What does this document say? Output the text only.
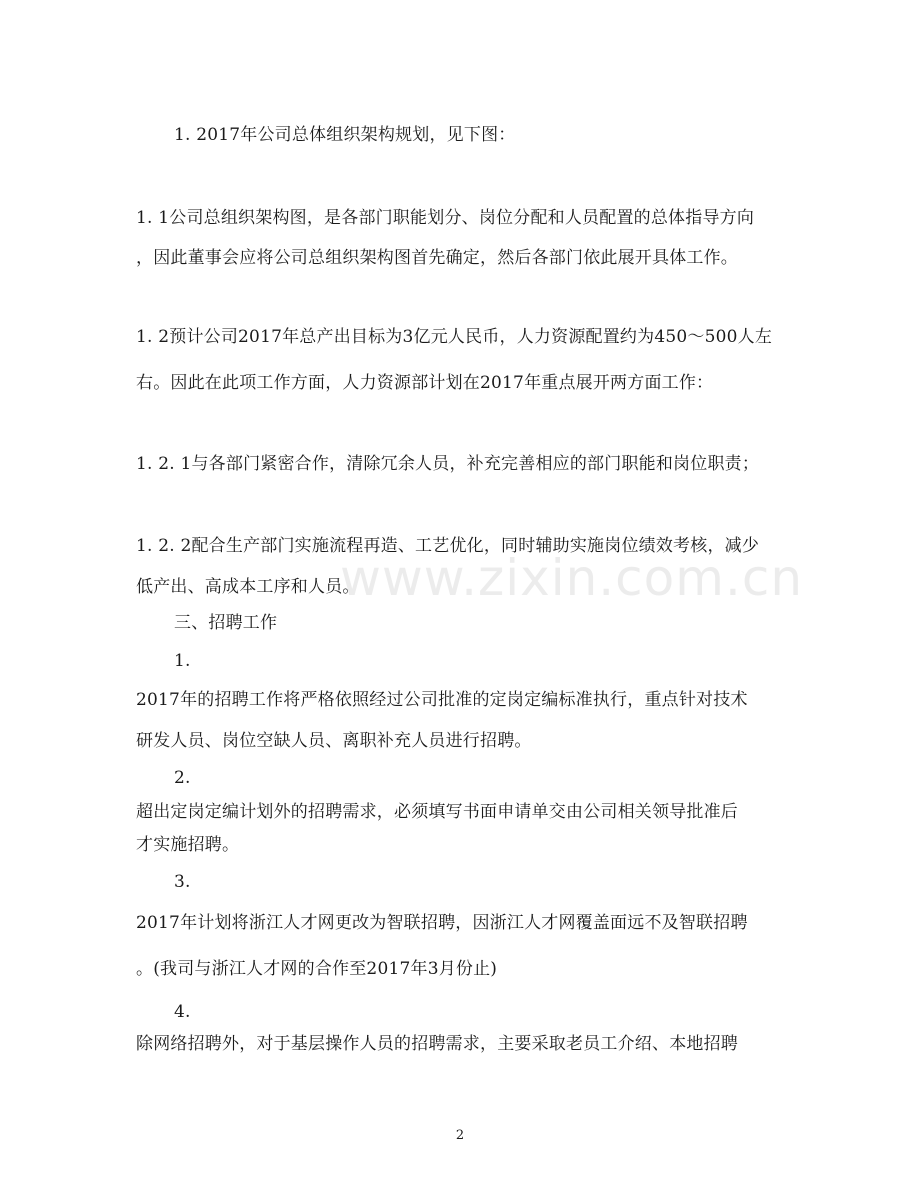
www.zixin.com.cn
1. 2017年公司总体组织架构规划，见下图：
1. 1公司总组织架构图，是各部门职能划分、岗位分配和人员配置的总体指导方向
，因此董事会应将公司总组织架构图首先确定，然后各部门依此展开具体工作。
1. 2预计公司2017年总产出目标为3亿元人民币，人力资源配置约为450～500人左
右。因此在此项工作方面，人力资源部计划在2017年重点展开两方面工作：
1. 2. 1与各部门紧密合作，清除冗余人员，补充完善相应的部门职能和岗位职责；
1. 2. 2配合生产部门实施流程再造、工艺优化，同时辅助实施岗位绩效考核，减少
低产出、高成本工序和人员。
三、招聘工作
1.
2017年的招聘工作将严格依照经过公司批准的定岗定编标准执行，重点针对技术
研发人员、岗位空缺人员、离职补充人员进行招聘。
2.
超出定岗定编计划外的招聘需求，必须填写书面申请单交由公司相关领导批准后
才实施招聘。
3.
2017年计划将浙江人才网更改为智联招聘，因浙江人才网覆盖面远不及智联招聘
。(我司与浙江人才网的合作至2017年3月份止)
4.
除网络招聘外，对于基层操作人员的招聘需求，主要采取老员工介绍、本地招聘
2
